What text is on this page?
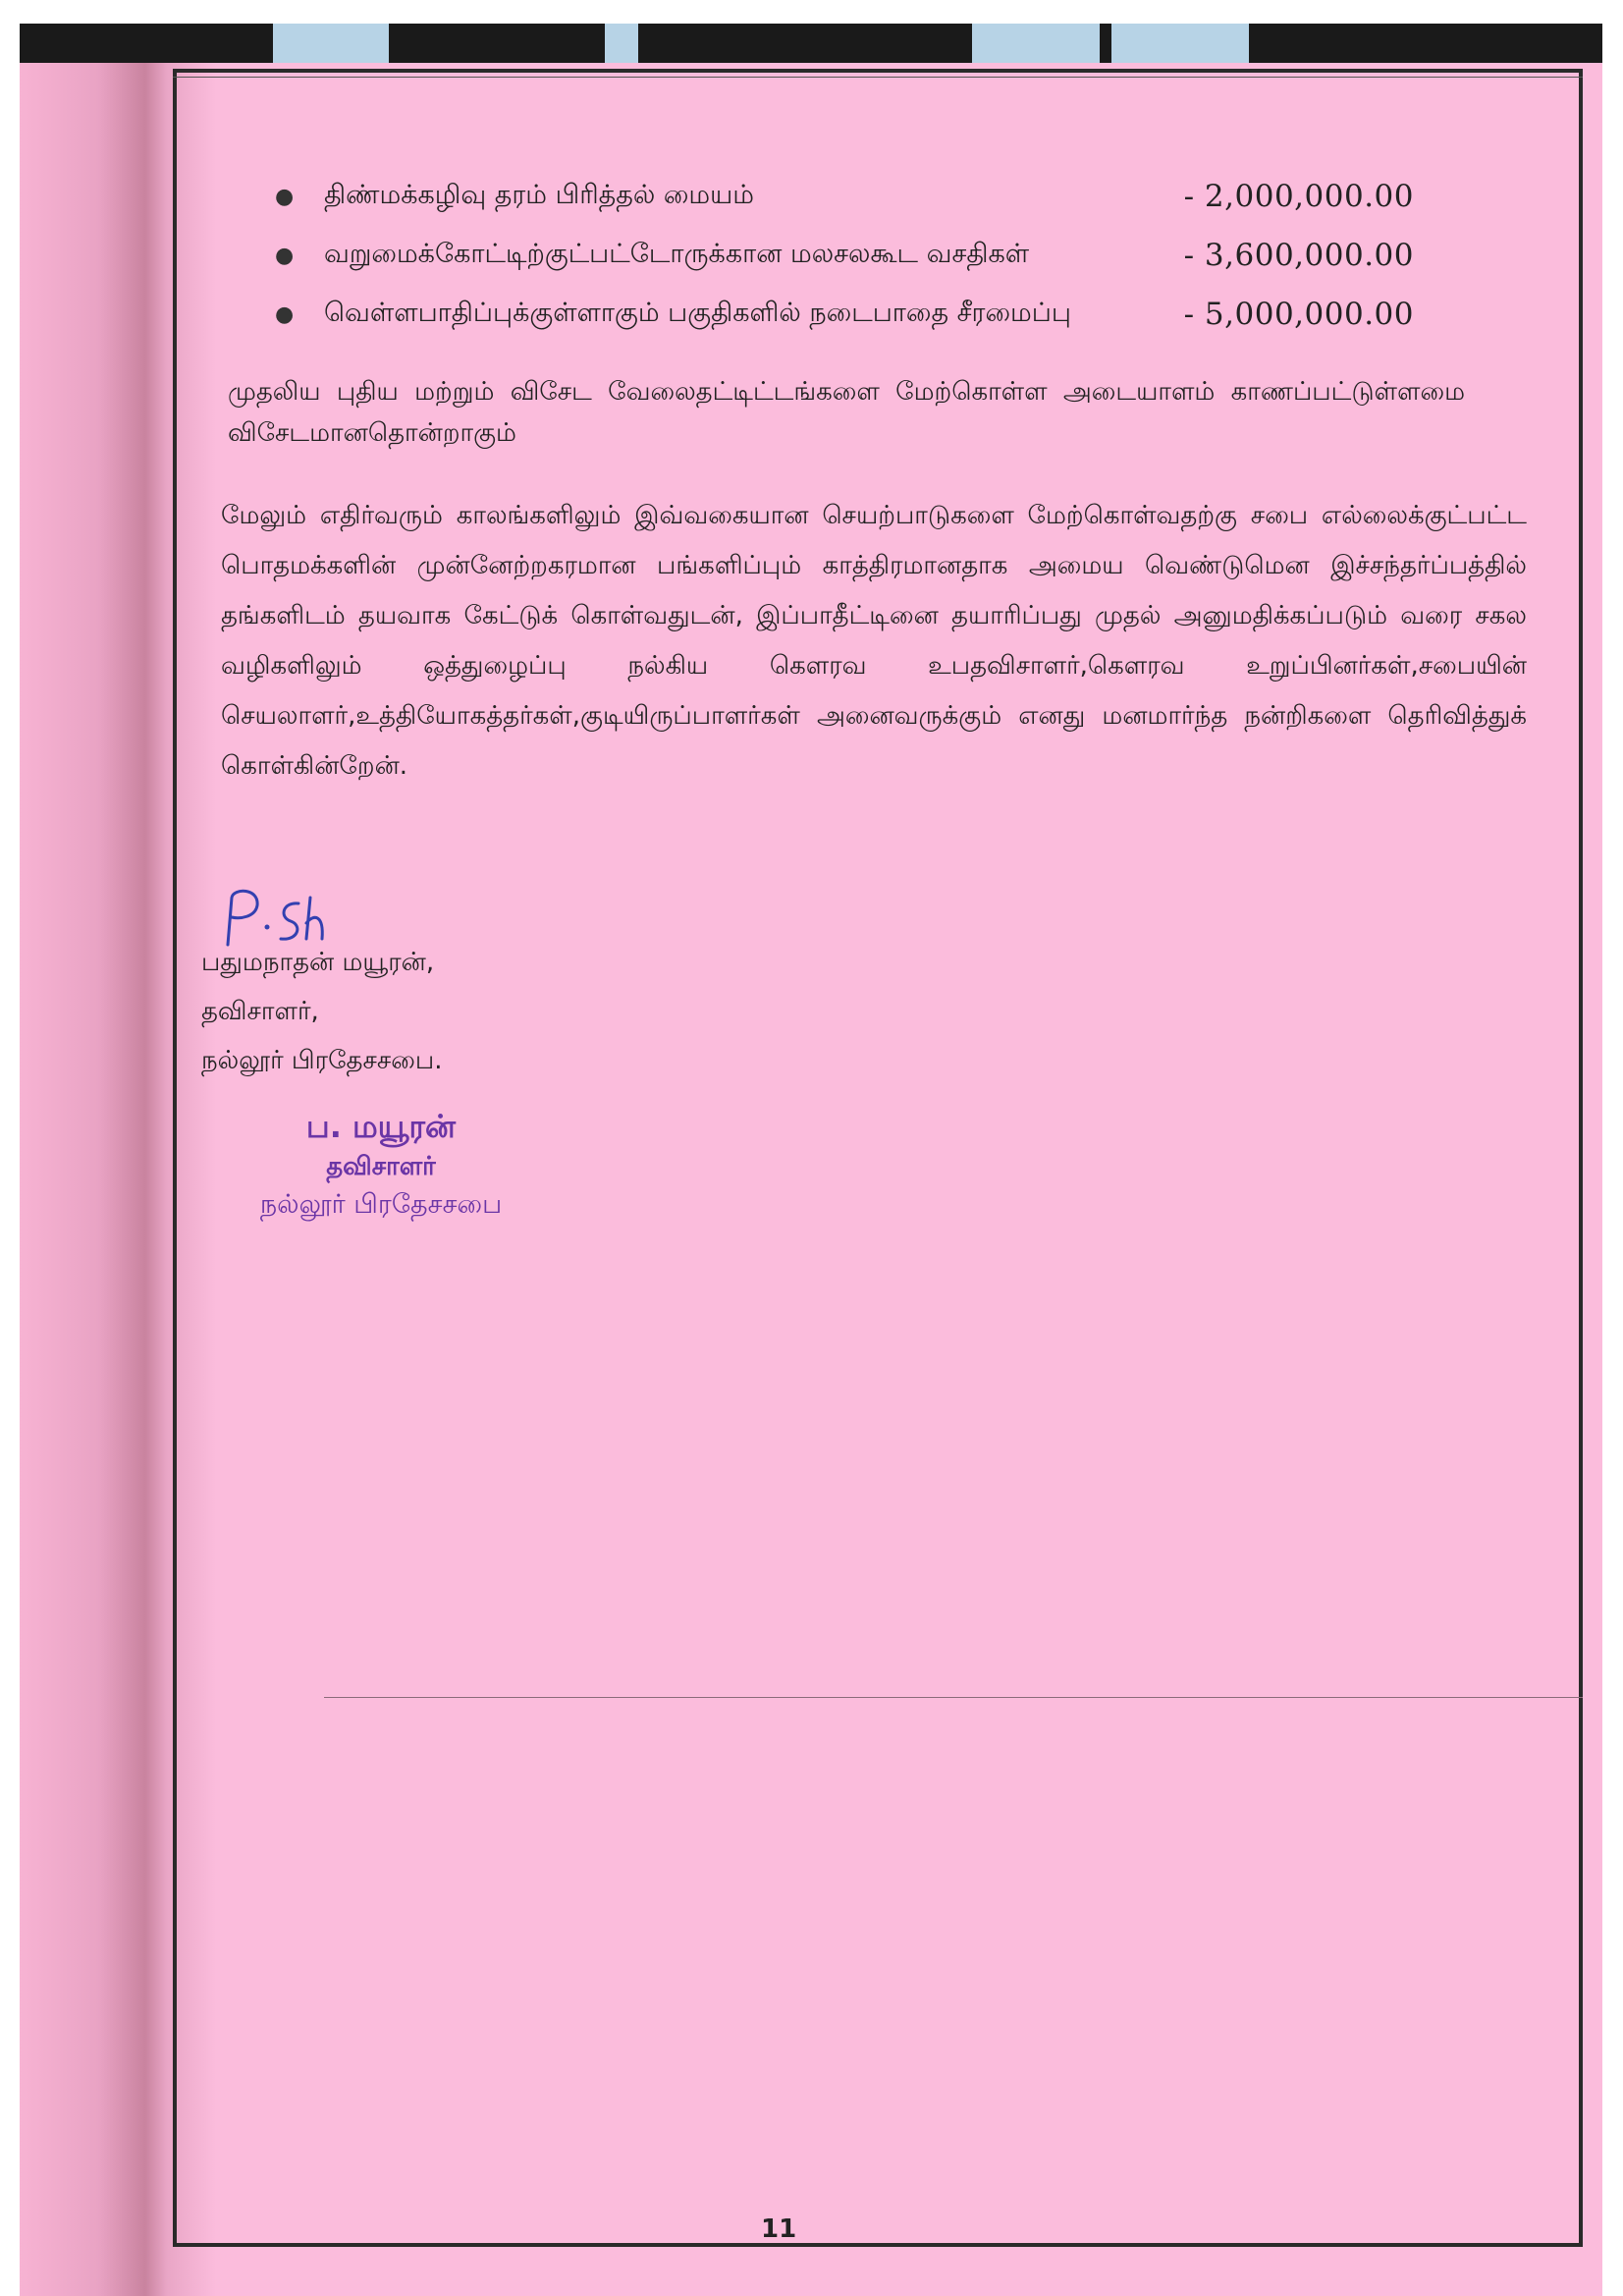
●	திண்மக்கழிவு தரம் பிரித்தல் மையம்	- 2,000,000.00
●	வறுமைக்கோட்டிற்குட்பட்டோருக்கான மலசலகூட வசதிகள்	- 3,600,000.00
●	வெள்ளபாதிப்புக்குள்ளாகும் பகுதிகளில் நடைபாதை சீரமைப்பு	- 5,000,000.00

முதலிய புதிய மற்றும் விசேட வேலைதட்டிட்டங்களை மேற்கொள்ள அடையாளம் காணப்பட்டுள்ளமை விசேடமானதொன்றாகும்

மேலும் எதிர்வரும் காலங்களிலும் இவ்வகையான செயற்பாடுகளை மேற்கொள்வதற்கு சபை எல்லைக்குட்பட்ட பொதமக்களின் முன்னேற்றகரமான பங்களிப்பும் காத்திரமானதாக அமைய வெண்டுமென இச்சந்தர்ப்பத்தில் தங்களிடம் தயவாக கேட்டுக் கொள்வதுடன், இப்பாதீட்டினை தயாரிப்பது முதல் அனுமதிக்கப்படும் வரை சகல வழிகளிலும் ஒத்துழைப்பு நல்கிய கௌரவ உபதவிசாளர்,கௌரவ உறுப்பினர்கள்,சபையின் செயலாளர்,உத்தியோகத்தர்கள்,குடியிருப்பாளர்கள் அனைவருக்கும் எனது மனமார்ந்த நன்றிகளை தெரிவித்துக் கொள்கின்றேன்.

பதுமநாதன் மயூரன்,
தவிசாளர்,
நல்லூர் பிரதேசசபை.
ப. மயூரன்
தவிசாளர்
நல்லூர் பிரதேசசபை
11
